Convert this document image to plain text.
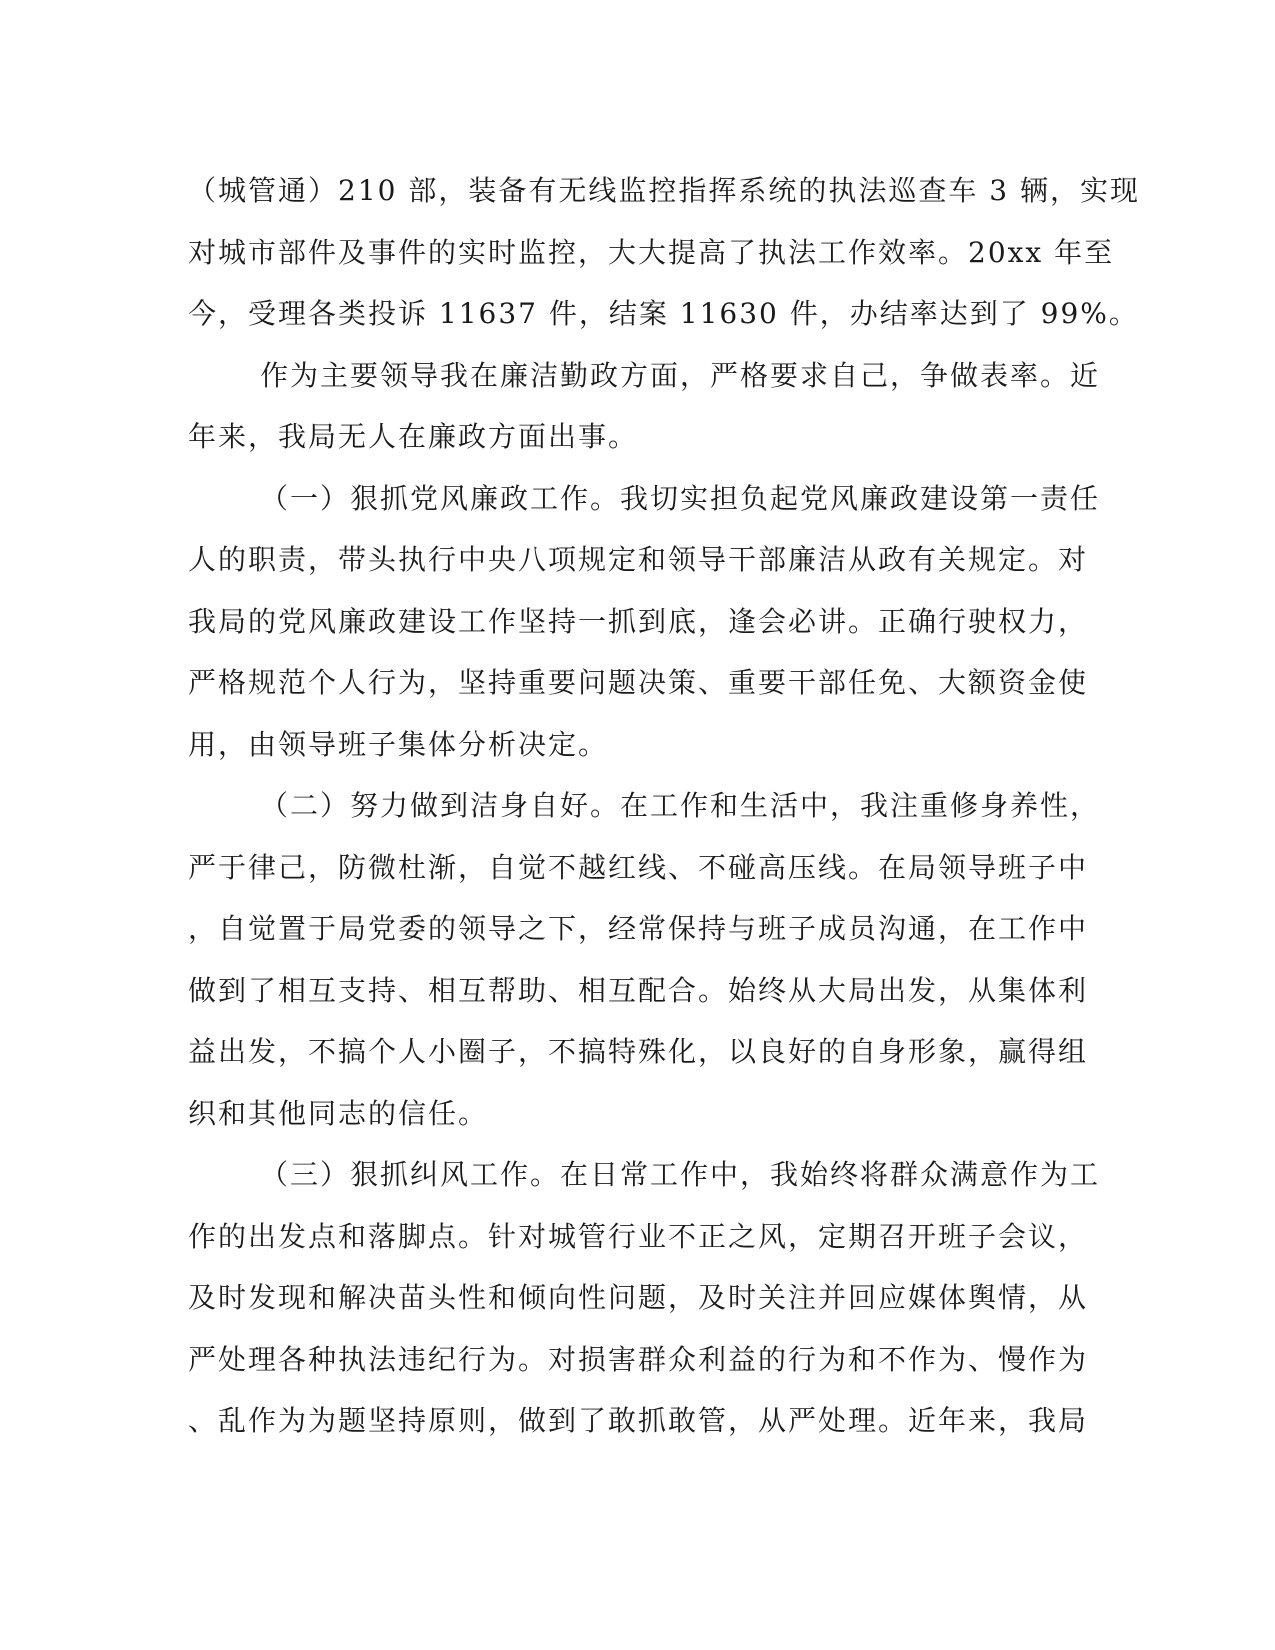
（城管通）210 部，装备有无线监控指挥系统的执法巡查车 3 辆，实现
对城市部件及事件的实时监控，大大提高了执法工作效率。20xx 年至
今，受理各类投诉 11637 件，结案 11630 件，办结率达到了 99%。
作为主要领导我在廉洁勤政方面，严格要求自己，争做表率。近
年来，我局无人在廉政方面出事。
（一）狠抓党风廉政工作。我切实担负起党风廉政建设第一责任
人的职责，带头执行中央八项规定和领导干部廉洁从政有关规定。对
我局的党风廉政建设工作坚持一抓到底，逢会必讲。正确行驶权力，
严格规范个人行为，坚持重要问题决策、重要干部任免、大额资金使
用，由领导班子集体分析决定。
（二）努力做到洁身自好。在工作和生活中，我注重修身养性，
严于律己，防微杜渐，自觉不越红线、不碰高压线。在局领导班子中
，自觉置于局党委的领导之下，经常保持与班子成员沟通，在工作中
做到了相互支持、相互帮助、相互配合。始终从大局出发，从集体利
益出发，不搞个人小圈子，不搞特殊化，以良好的自身形象，赢得组
织和其他同志的信任。
（三）狠抓纠风工作。在日常工作中，我始终将群众满意作为工
作的出发点和落脚点。针对城管行业不正之风，定期召开班子会议，
及时发现和解决苗头性和倾向性问题，及时关注并回应媒体舆情，从
严处理各种执法违纪行为。对损害群众利益的行为和不作为、慢作为
、乱作为为题坚持原则，做到了敢抓敢管，从严处理。近年来，我局
